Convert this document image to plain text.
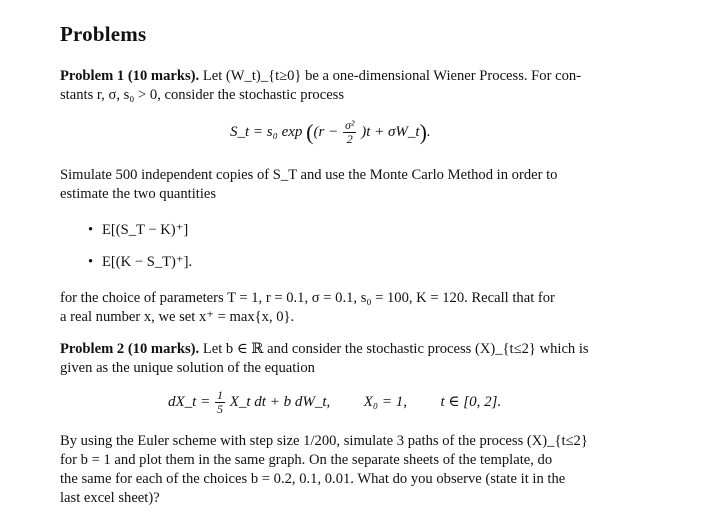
Problems
Problem 1 (10 marks). Let (W_t)_{t≥0} be a one-dimensional Wiener Process. For con-
stants r, σ, s₀ > 0, consider the stochastic process
S_t = s₀ $\exp ((r - \frac{\text{σ²}}{2} )t$ + σW_t).
Simulate 500 independent copies of S_T and use the Monte Carlo Method in order to
estimate the two quantities
• E[(S_T − K)⁺]
• E[(K − S_T)⁺].
for the choice of parameters T = 1, r = 0.1, σ = 0.1, s₀ = 100, K = 120. Recall that for
a real number x, we set x⁺ = max{x, 0}.
Problem 2 (10 marks). Let b ∈ ℝ and consider the stochastic process (X)_{t≤2} which is
given as the unique solution of the equation
dX_t = $\frac{1}{5}$ X_t dt + b dW_t, X₀ = 1, t ∈ [0, 2].
By using the Euler scheme with step size 1/200, simulate 3 paths of the process (X)_{t≤2}
for b = 1 and plot them in the same graph. On the separate sheets of the template, do
the same for each of the choices b = 0.2, 0.1, 0.01. What do you observe (state it in the
last excel sheet)?
